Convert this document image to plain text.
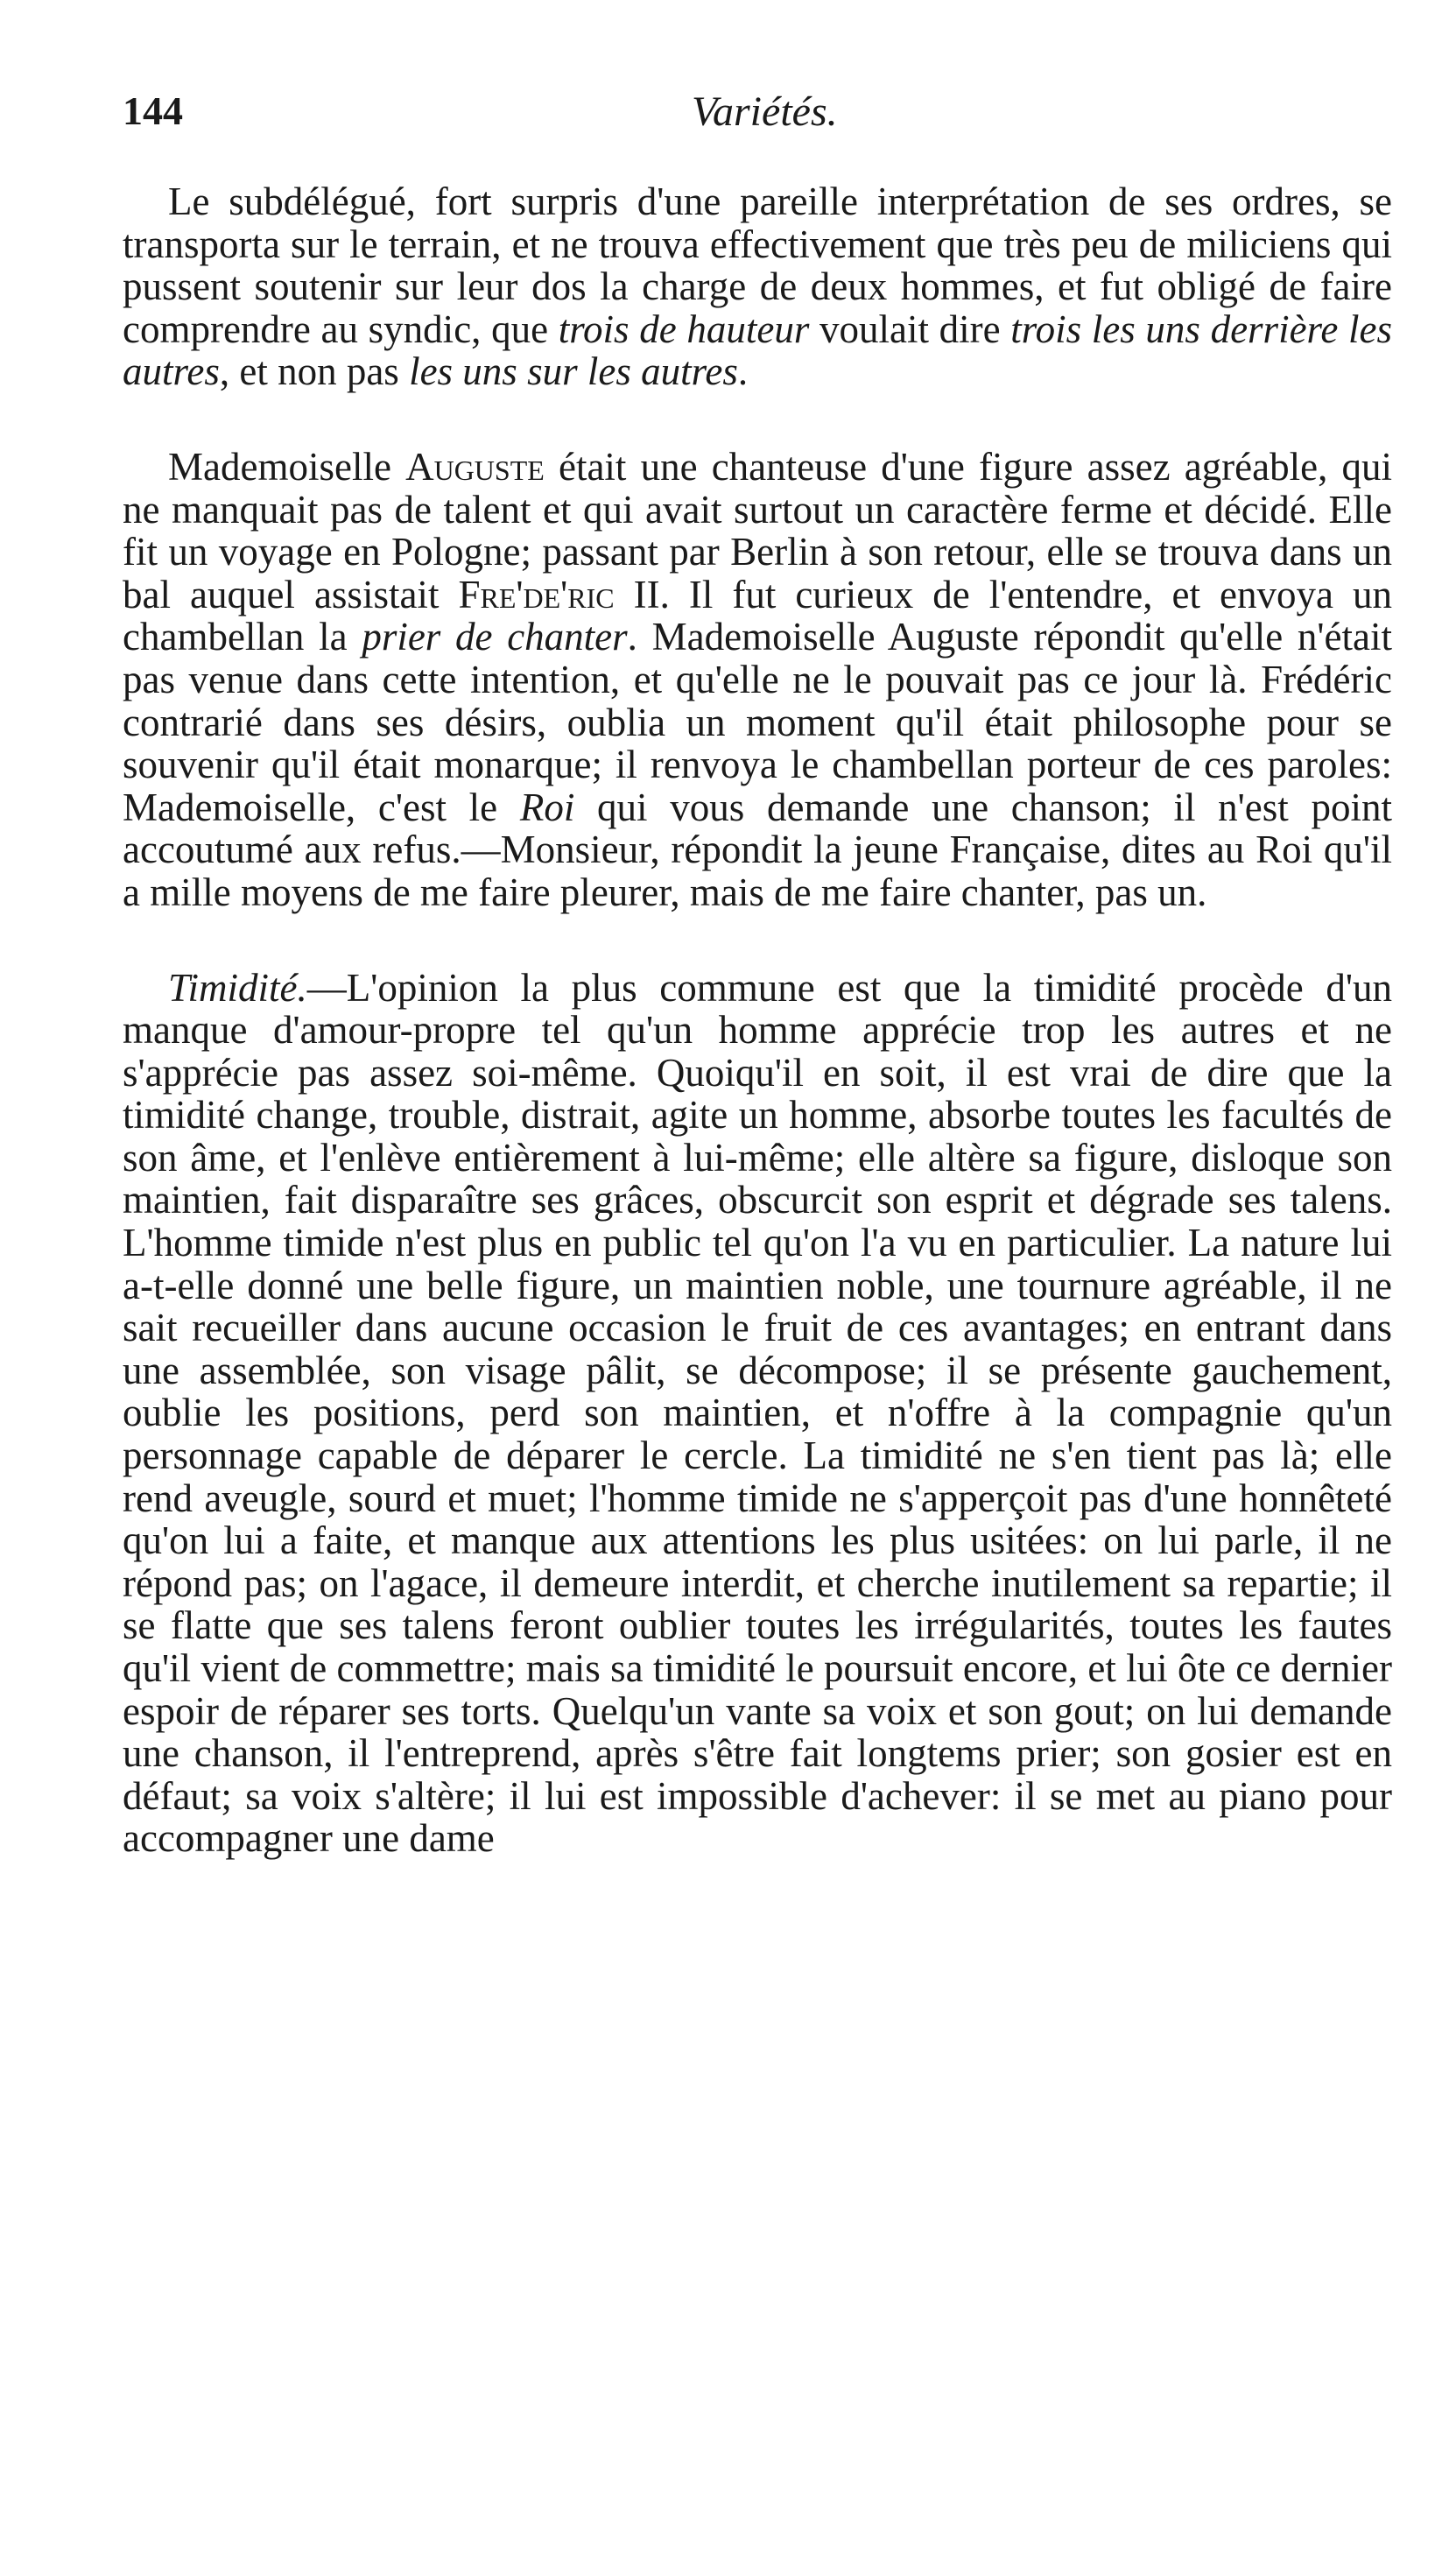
144	Variétés.

Le subdélégué, fort surpris d'une pareille interprétation de ses ordres, se transporta sur le terrain, et ne trouva effectivement que très peu de miliciens qui pussent soutenir sur leur dos la charge de deux hommes, et fut obligé de faire comprendre au syndic, que trois de hauteur voulait dire trois les uns derrière les autres, et non pas les uns sur les autres.

Mademoiselle Auguste était une chanteuse d'une figure assez agréable, qui ne manquait pas de talent et qui avait surtout un caractère ferme et décidé. Elle fit un voyage en Pologne; passant par Berlin à son retour, elle se trouva dans un bal auquel assistait Fre'de'ric II. Il fut curieux de l'entendre, et envoya un chambellan la prier de chanter. Mademoiselle Auguste répondit qu'elle n'était pas venue dans cette intention, et qu'elle ne le pouvait pas ce jour là. Frédéric contrarié dans ses désirs, oublia un moment qu'il était philosophe pour se souvenir qu'il était monarque; il renvoya le chambellan porteur de ces paroles: Mademoiselle, c'est le Roi qui vous demande une chanson; il n'est point accoutumé aux refus.—Monsieur, répondit la jeune Française, dites au Roi qu'il a mille moyens de me faire pleurer, mais de me faire chanter, pas un.

Timidité.—L'opinion la plus commune est que la timidité procède d'un manque d'amour-propre tel qu'un homme apprécie trop les autres et ne s'apprécie pas assez soi-même. Quoiqu'il en soit, il est vrai de dire que la timidité change, trouble, distrait, agite un homme, absorbe toutes les facultés de son âme, et l'enlève entièrement à lui-même; elle altère sa figure, disloque son maintien, fait disparaître ses grâces, obscurcit son esprit et dégrade ses talens. L'homme timide n'est plus en public tel qu'on l'a vu en particulier. La nature lui a-t-elle donné une belle figure, un maintien noble, une tournure agréable, il ne sait recueiller dans aucune occasion le fruit de ces avantages; en entrant dans une assemblée, son visage pâlit, se décompose; il se présente gauchement, oublie les positions, perd son maintien, et n'offre à la compagnie qu'un personnage capable de déparer le cercle. La timidité ne s'en tient pas là; elle rend aveugle, sourd et muet; l'homme timide ne s'apperçoit pas d'une honnêteté qu'on lui a faite, et manque aux attentions les plus usitées: on lui parle, il ne répond pas; on l'agace, il demeure interdit, et cherche inutilement sa repartie; il se flatte que ses talens feront oublier toutes les irrégularités, toutes les fautes qu'il vient de commettre; mais sa timidité le poursuit encore, et lui ôte ce dernier espoir de réparer ses torts. Quelqu'un vante sa voix et son gout; on lui demande une chanson, il l'entreprend, après s'être fait longtems prier; son gosier est en défaut; sa voix s'altère; il lui est impossible d'achever: il se met au piano pour accompagner une dame
